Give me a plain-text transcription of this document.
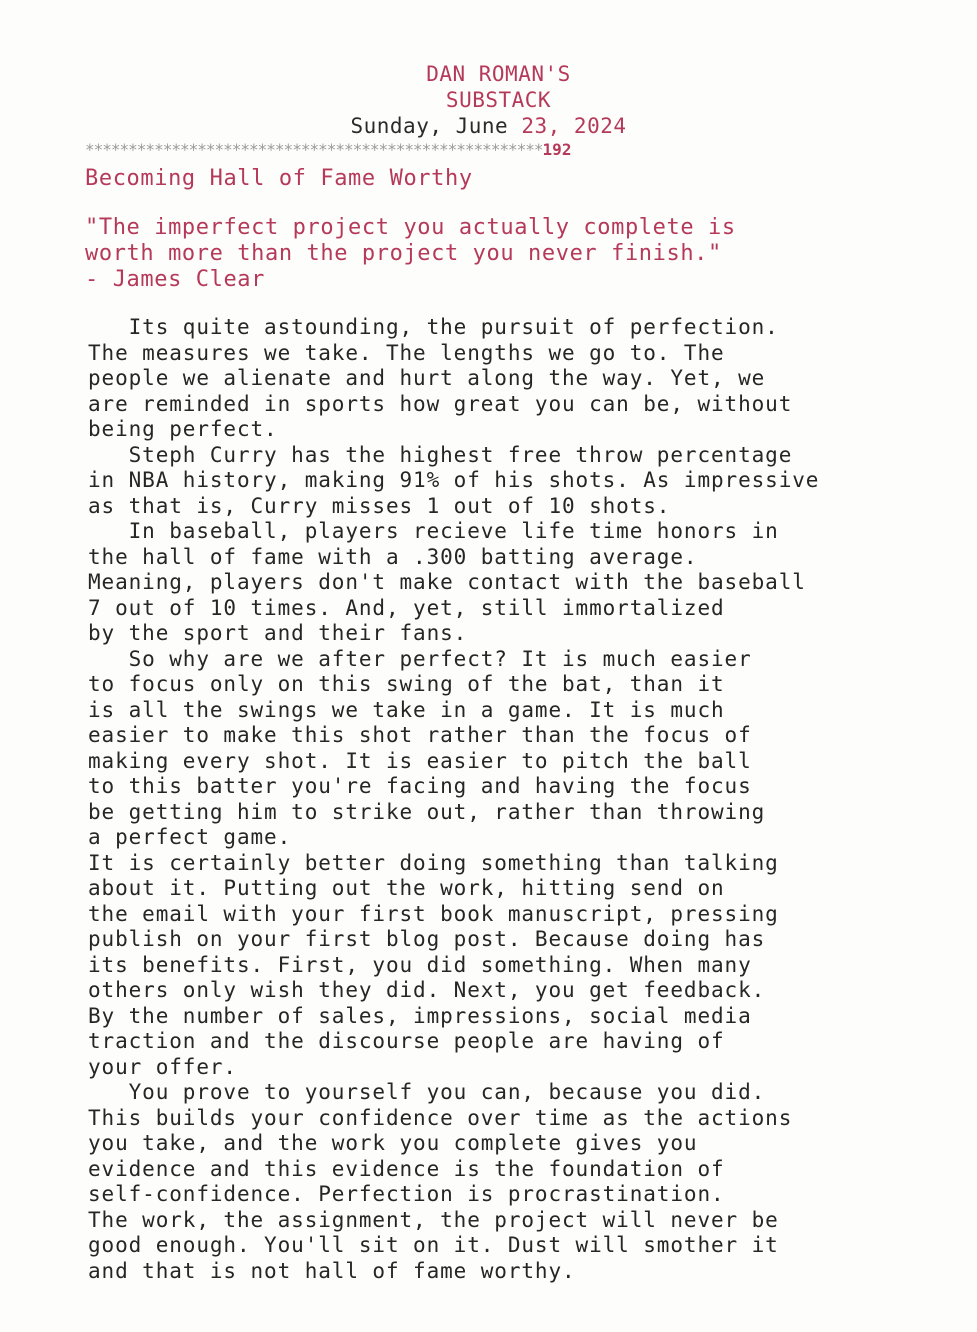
DAN ROMAN'S
SUBSTACK
Sunday, June 23, 2024
*****************************************************192
Becoming Hall of Fame Worthy
"The imperfect project you actually complete is
worth more than the project you never finish."
- James Clear
Its quite astounding, the pursuit of perfection.
The measures we take. The lengths we go to. The
people we alienate and hurt along the way. Yet, we
are reminded in sports how great you can be, without
being perfect.
Steph Curry has the highest free throw percentage
in NBA history, making 91% of his shots. As impressive
as that is, Curry misses 1 out of 10 shots.
In baseball, players recieve life time honors in
the hall of fame with a .300 batting average.
Meaning, players don't make contact with the baseball
7 out of 10 times. And, yet, still immortalized
by the sport and their fans.
So why are we after perfect? It is much easier
to focus only on this swing of the bat, than it
is all the swings we take in a game. It is much
easier to make this shot rather than the focus of
making every shot. It is easier to pitch the ball
to this batter you're facing and having the focus
be getting him to strike out, rather than throwing
a perfect game.
It is certainly better doing something than talking
about it. Putting out the work, hitting send on
the email with your first book manuscript, pressing
publish on your first blog post. Because doing has
its benefits. First, you did something. When many
others only wish they did. Next, you get feedback.
By the number of sales, impressions, social media
traction and the discourse people are having of
your offer.
You prove to yourself you can, because you did.
This builds your confidence over time as the actions
you take, and the work you complete gives you
evidence and this evidence is the foundation of
self-confidence. Perfection is procrastination.
The work, the assignment, the project will never be
good enough. You'll sit on it. Dust will smother it
and that is not hall of fame worthy.
